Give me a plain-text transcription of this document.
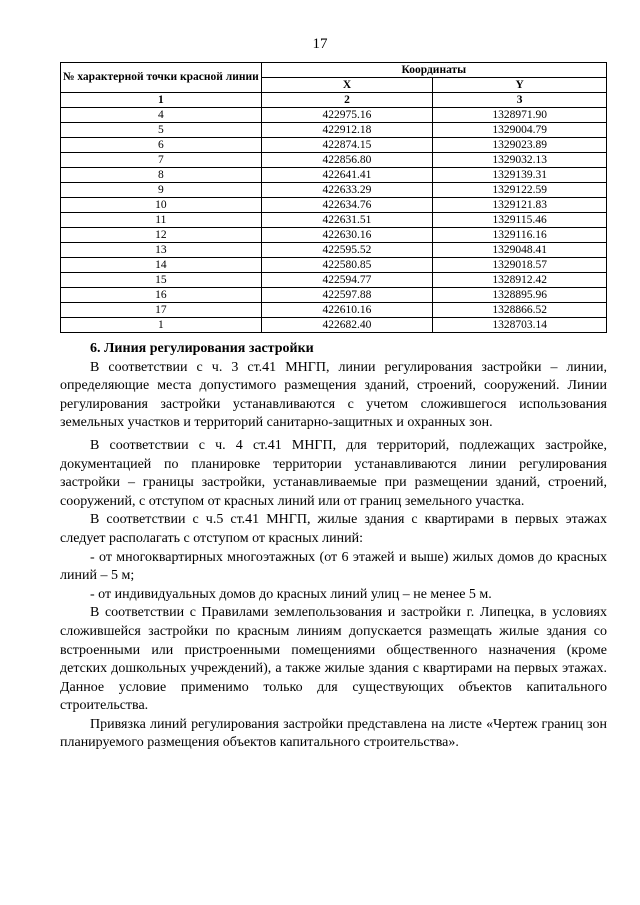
17
№ характерной точки красной линии	Координаты	
	X	Y
1	2	3
4	422975.16	1328971.90
5	422912.18	1329004.79
6	422874.15	1329023.89
7	422856.80	1329032.13
8	422641.41	1329139.31
9	422633.29	1329122.59
10	422634.76	1329121.83
11	422631.51	1329115.46
12	422630.16	1329116.16
13	422595.52	1329048.41
14	422580.85	1329018.57
15	422594.77	1328912.42
16	422597.88	1328895.96
17	422610.16	1328866.52
1	422682.40	1328703.14
6. Линия регулирования застройки

В соответствии с ч. 3 ст.41 МНГП, линии регулирования застройки – линии, определяющие места допустимого размещения зданий, строений, сооружений. Линии регулирования застройки устанавливаются с учетом сложившегося использования земельных участков и территорий санитарно-защитных и охранных зон.

В соответствии с ч. 4 ст.41 МНГП, для территорий, подлежащих застройке, документацией по планировке территории устанавливаются линии регулирования застройки – границы застройки, устанавливаемые при размещении зданий, строений, сооружений, с отступом от красных линий или от границ земельного участка.

В соответствии с ч.5 ст.41 МНГП, жилые здания с квартирами в первых этажах следует располагать с отступом от красных линий:

- от многоквартирных многоэтажных (от 6 этажей и выше) жилых домов до красных линий – 5 м;

- от индивидуальных домов до красных линий улиц – не менее 5 м.

В соответствии с Правилами землепользования и застройки г. Липецка, в условиях сложившейся застройки по красным линиям допускается размещать жилые здания со встроенными или пристроенными помещениями общественного назначения (кроме детских дошкольных учреждений), а также жилые здания с квартирами на первых этажах. Данное условие применимо только для существующих объектов капитального строительства.

Привязка линий регулирования застройки представлена на листе «Чертеж границ зон планируемого размещения объектов капитального строительства».
